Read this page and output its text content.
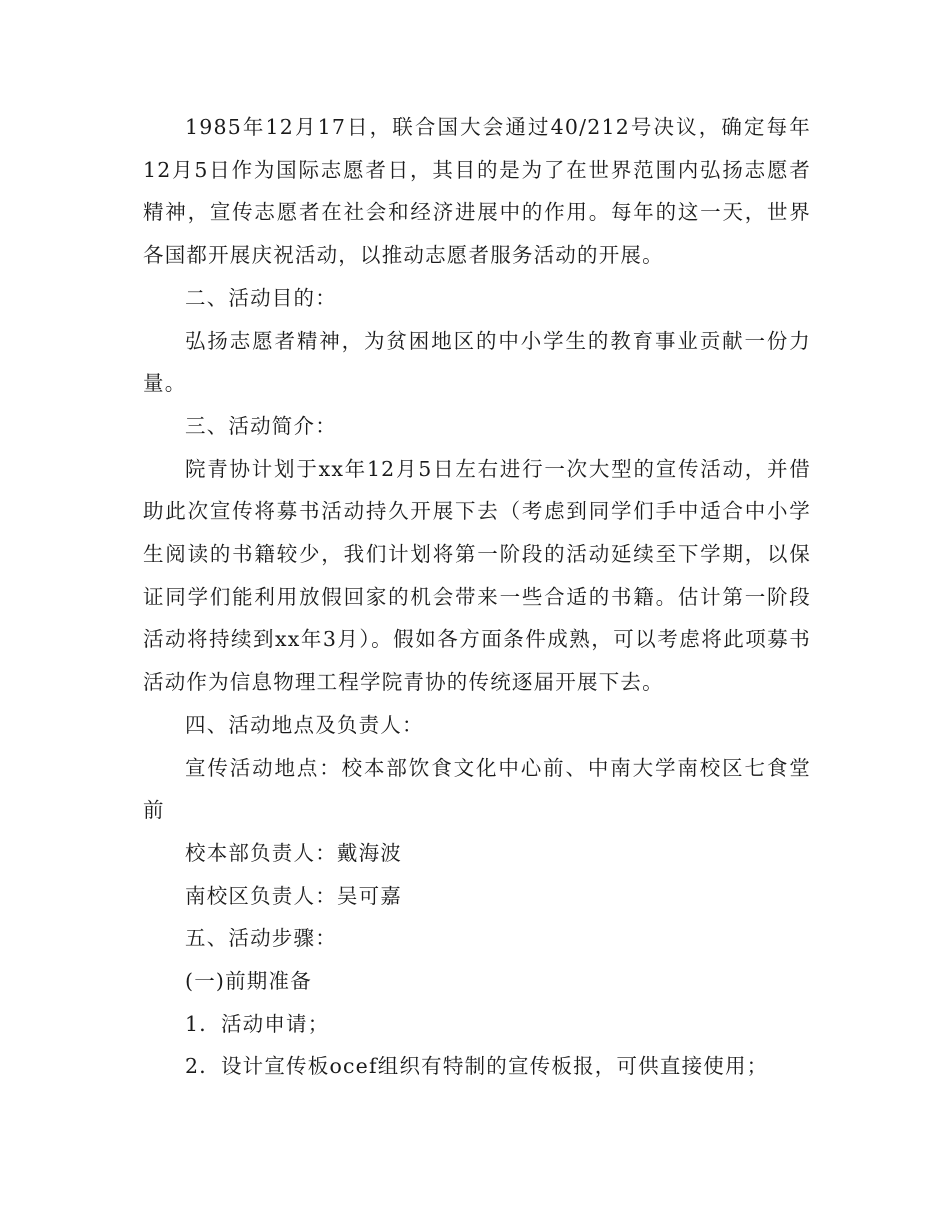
1985年12月17日，联合国大会通过40/212号决议，确定每年12月5日作为国际志愿者日，其目的是为了在世界范围内弘扬志愿者精神，宣传志愿者在社会和经济进展中的作用。每年的这一天，世界各国都开展庆祝活动，以推动志愿者服务活动的开展。

二、活动目的：

弘扬志愿者精神，为贫困地区的中小学生的教育事业贡献一份力量。

三、活动简介：

院青协计划于xx年12月5日左右进行一次大型的宣传活动，并借助此次宣传将募书活动持久开展下去（考虑到同学们手中适合中小学生阅读的书籍较少，我们计划将第一阶段的活动延续至下学期，以保证同学们能利用放假回家的机会带来一些合适的书籍。估计第一阶段活动将持续到xx年3月）。假如各方面条件成熟，可以考虑将此项募书活动作为信息物理工程学院青协的传统逐届开展下去。

四、活动地点及负责人：

宣传活动地点：校本部饮食文化中心前、中南大学南校区七食堂前

校本部负责人：戴海波

南校区负责人：吴可嘉

五、活动步骤：

(一)前期准备

1．活动申请；

2．设计宣传板ocef组织有特制的宣传板报，可供直接使用；
